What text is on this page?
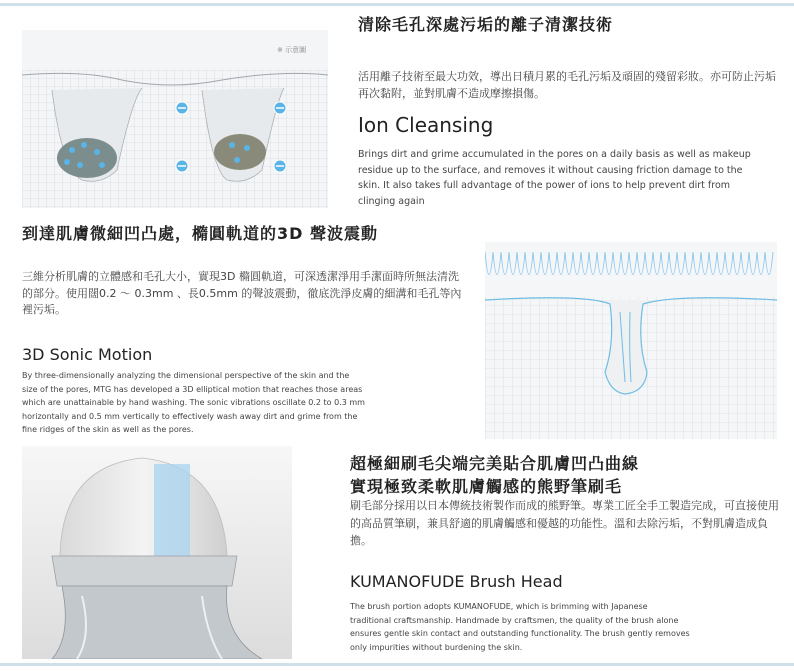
※ 示意圖
清除毛孔深處污垢的離子清潔技術
活用離子技術至最大功效，導出日積月累的毛孔污垢及頑固的殘留彩妝。亦可防止污垢再次黏附，並對肌膚不造成摩擦損傷。
Ion Cleansing
Brings dirt and grime accumulated in the pores on a daily basis as well as makeup residue up to the surface, and removes it without causing friction damage to the skin. It also takes full advantage of the power of ions to help prevent dirt from clinging again
到達肌膚微細凹凸處，橢圓軌道的3D 聲波震動
三維分析肌膚的立體感和毛孔大小，實現3D 橢圓軌道，可深透潔淨用手潔面時所無法清洗的部分。使用闊0.2 ～ 0.3mm 、長0.5mm 的聲波震動，徹底洗淨皮膚的細溝和毛孔等內裡污垢。
3D Sonic Motion
By three-dimensionally analyzing the dimensional perspective of the skin and the size of the pores, MTG has developed a 3D elliptical motion that reaches those areas which are unattainable by hand washing. The sonic vibrations oscillate 0.2 to 0.3 mm horizontally and 0.5 mm vertically to effectively wash away dirt and grime from the fine ridges of the skin as well as the pores.
超極細刷毛尖端完美貼合肌膚凹凸曲線
實現極致柔軟肌膚觸感的熊野筆刷毛
刷毛部分採用以日本傳統技術製作而成的熊野筆。專業工匠全手工製造完成，可直接使用的高品質筆刷，兼具舒適的肌膚觸感和優越的功能性。溫和去除污垢，不對肌膚造成負擔。
KUMANOFUDE Brush Head
The brush portion adopts KUMANOFUDE, which is brimming with Japanese traditional craftsmanship. Handmade by craftsmen, the quality of the brush alone ensures gentle skin contact and outstanding functionality. The brush gently removes only impurities without burdening the skin.
